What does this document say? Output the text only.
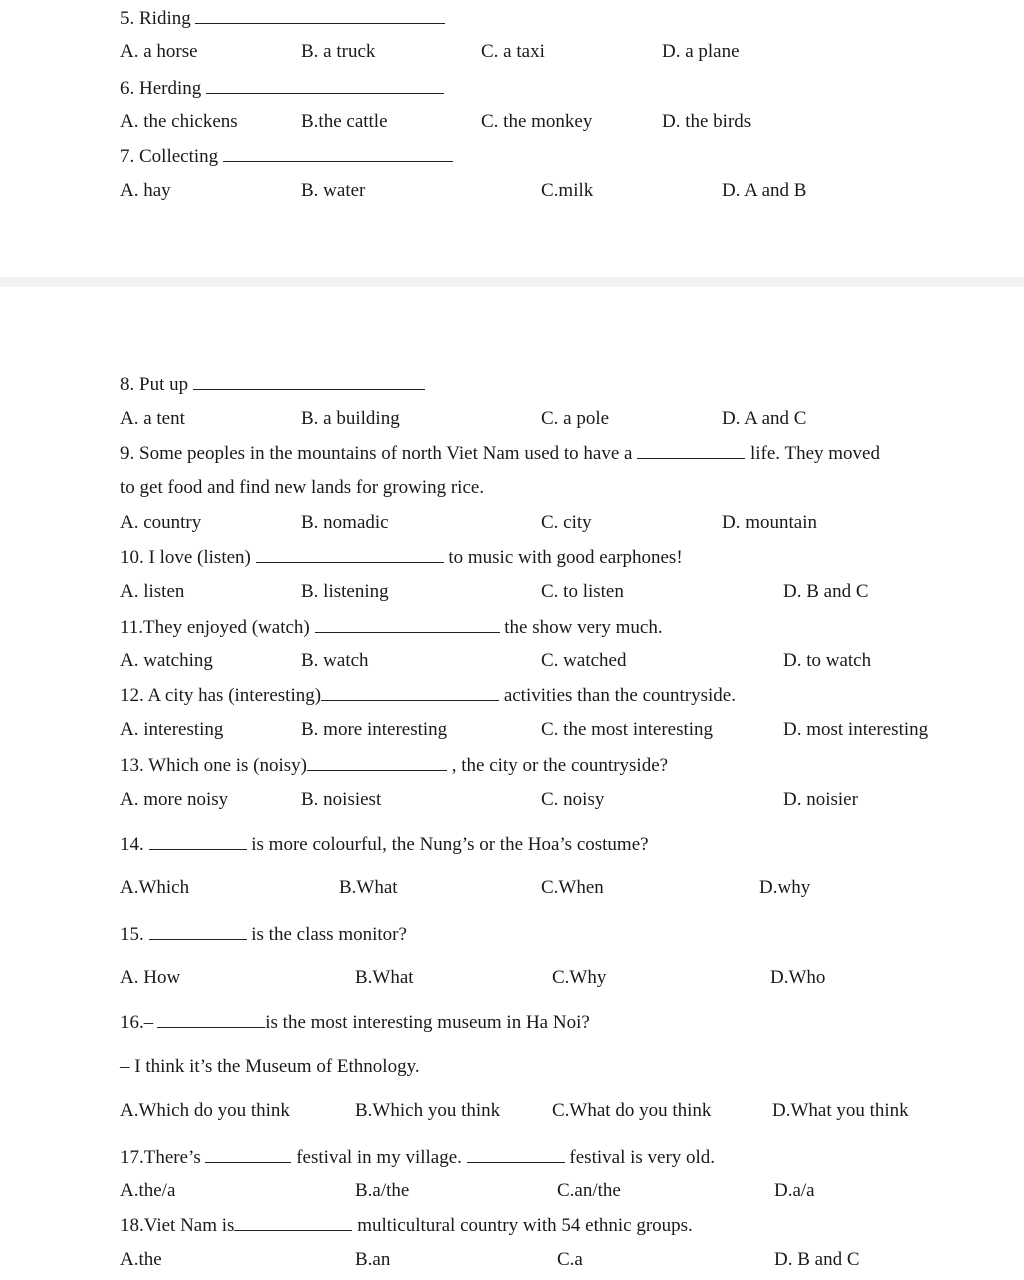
5. Riding
A. a horse	B. a truck	C. a taxi	D. a plane
6. Herding
A. the chickens	B.the cattle	C. the monkey	D. the birds
7. Collecting
A. hay	B. water	C.milk	D. A and B
8. Put up
A. a tent	B. a building	C. a pole	D. A and C
9. Some peoples in the mountains of north Viet Nam used to have a	life. They moved
to get food and find new lands for growing rice.
A. country	B. nomadic	C. city	D. mountain
10. I love (listen)	to music with good earphones!
A. listen	B. listening	C. to listen	D. B and C
11.They enjoyed (watch)	the show very much.
A. watching	B. watch	C. watched	D. to watch
12. A city has (interesting)	activities than the countryside.
A. interesting	B. more interesting	C. the most interesting	D. most interesting
13. Which one is (noisy)	, the city or the countryside?
A. more noisy	B. noisiest	C. noisy	D. noisier
14.	is more colourful, the Nung’s or the Hoa’s costume?
A.Which	B.What	C.When	D.why
15.	is the class monitor?
A. How	B.What	C.Why	D.Who
16.–	is the most interesting museum in Ha Noi?
– I think it’s the Museum of Ethnology.
A.Which do you think	B.Which you think	C.What do you think	D.What you think
17.There’s	festival in my village.	festival is very old.
A.the/a	B.a/the	C.an/the	D.a/a
18.Viet Nam is	multicultural country with 54 ethnic groups.
A.the	B.an	C.a	D. B and C
